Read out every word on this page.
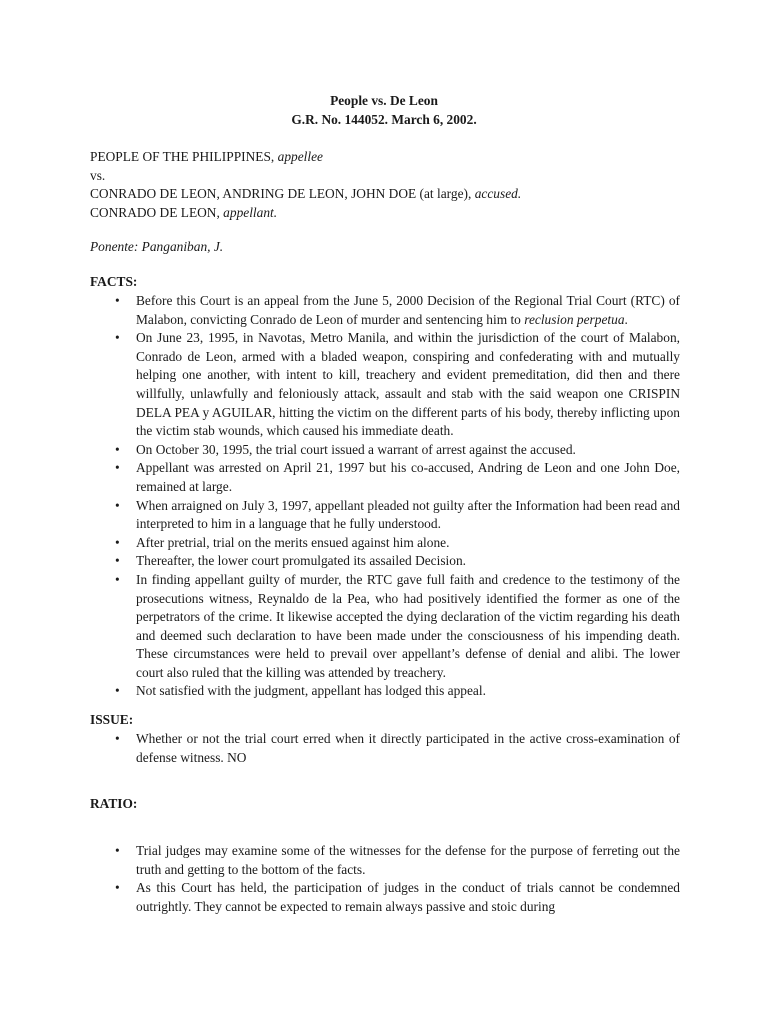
People vs. De Leon
G.R. No. 144052. March 6, 2002.
PEOPLE OF THE PHILIPPINES, appellee
vs.
CONRADO DE LEON, ANDRING DE LEON, JOHN DOE (at large), accused.
CONRADO DE LEON, appellant.
Ponente: Panganiban, J.
FACTS:
• Before this Court is an appeal from the June 5, 2000 Decision of the Regional Trial Court (RTC) of Malabon, convicting Conrado de Leon of murder and sentencing him to reclusion perpetua.
• On June 23, 1995, in Navotas, Metro Manila, and within the jurisdiction of the court of Malabon, Conrado de Leon, armed with a bladed weapon, conspiring and confederating with and mutually helping one another, with intent to kill, treachery and evident premeditation, did then and there willfully, unlawfully and feloniously attack, assault and stab with the said weapon one CRISPIN DELA PEA y AGUILAR, hitting the victim on the different parts of his body, thereby inflicting upon the victim stab wounds, which caused his immediate death.
• On October 30, 1995, the trial court issued a warrant of arrest against the accused.
• Appellant was arrested on April 21, 1997 but his co-accused, Andring de Leon and one John Doe, remained at large.
• When arraigned on July 3, 1997, appellant pleaded not guilty after the Information had been read and interpreted to him in a language that he fully understood.
• After pretrial, trial on the merits ensued against him alone.
• Thereafter, the lower court promulgated its assailed Decision.
• In finding appellant guilty of murder, the RTC gave full faith and credence to the testimony of the prosecutions witness, Reynaldo de la Pea, who had positively identified the former as one of the perpetrators of the crime. It likewise accepted the dying declaration of the victim regarding his death and deemed such declaration to have been made under the consciousness of his impending death. These circumstances were held to prevail over appellant’s defense of denial and alibi. The lower court also ruled that the killing was attended by treachery.
• Not satisfied with the judgment, appellant has lodged this appeal.
ISSUE:
• Whether or not the trial court erred when it directly participated in the active cross-examination of defense witness. NO
RATIO:
• Trial judges may examine some of the witnesses for the defense for the purpose of ferreting out the truth and getting to the bottom of the facts.
• As this Court has held, the participation of judges in the conduct of trials cannot be condemned outrightly. They cannot be expected to remain always passive and stoic during
